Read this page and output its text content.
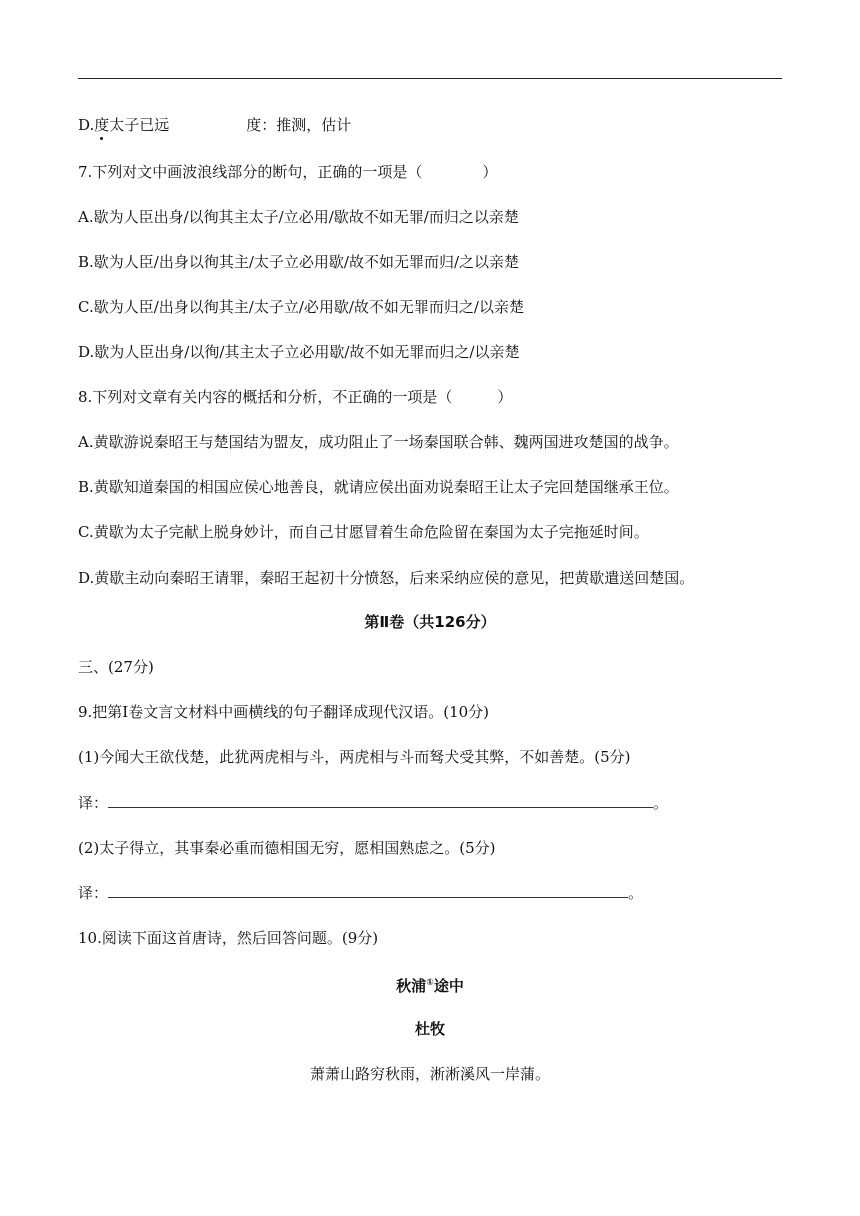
D.度太子已远	度：推测，估计
7.下列对文中画波浪线部分的断句，正确的一项是（　　　　）
A.歇为人臣出身/以徇其主太子/立必用/歇故不如无罪/而归之以亲楚
B.歇为人臣/出身以徇其主/太子立必用歇/故不如无罪而归/之以亲楚
C.歇为人臣/出身以徇其主/太子立/必用歇/故不如无罪而归之/以亲楚
D.歇为人臣出身/以徇/其主太子立必用歇/故不如无罪而归之/以亲楚
8.下列对文章有关内容的概括和分析，不正确的一项是（　　　）
A.黄歇游说秦昭王与楚国结为盟友，成功阻止了一场秦国联合韩、魏两国进攻楚国的战争。
B.黄歇知道秦国的相国应侯心地善良，就请应侯出面劝说秦昭王让太子完回楚国继承王位。
C.黄歇为太子完献上脱身妙计，而自己甘愿冒着生命危险留在秦国为太子完拖延时间。
D.黄歇主动向秦昭王请罪，秦昭王起初十分愤怒，后来采纳应侯的意见，把黄歇遣送回楚国。
第Ⅱ卷（共126分）
三、(27分)
9.把第Ⅰ卷文言文材料中画横线的句子翻译成现代汉语。(10分)
(1)今闻大王欲伐楚，此犹两虎相与斗，两虎相与斗而驽犬受其弊，不如善楚。(5分)
译：	。
(2)太子得立，其事秦必重而德相国无穷，愿相国熟虑之。(5分)
译：	。
10.阅读下面这首唐诗，然后回答问题。(9分)
秋浦①途中
杜牧
萧萧山路穷秋雨，淅淅溪风一岸蒲。
